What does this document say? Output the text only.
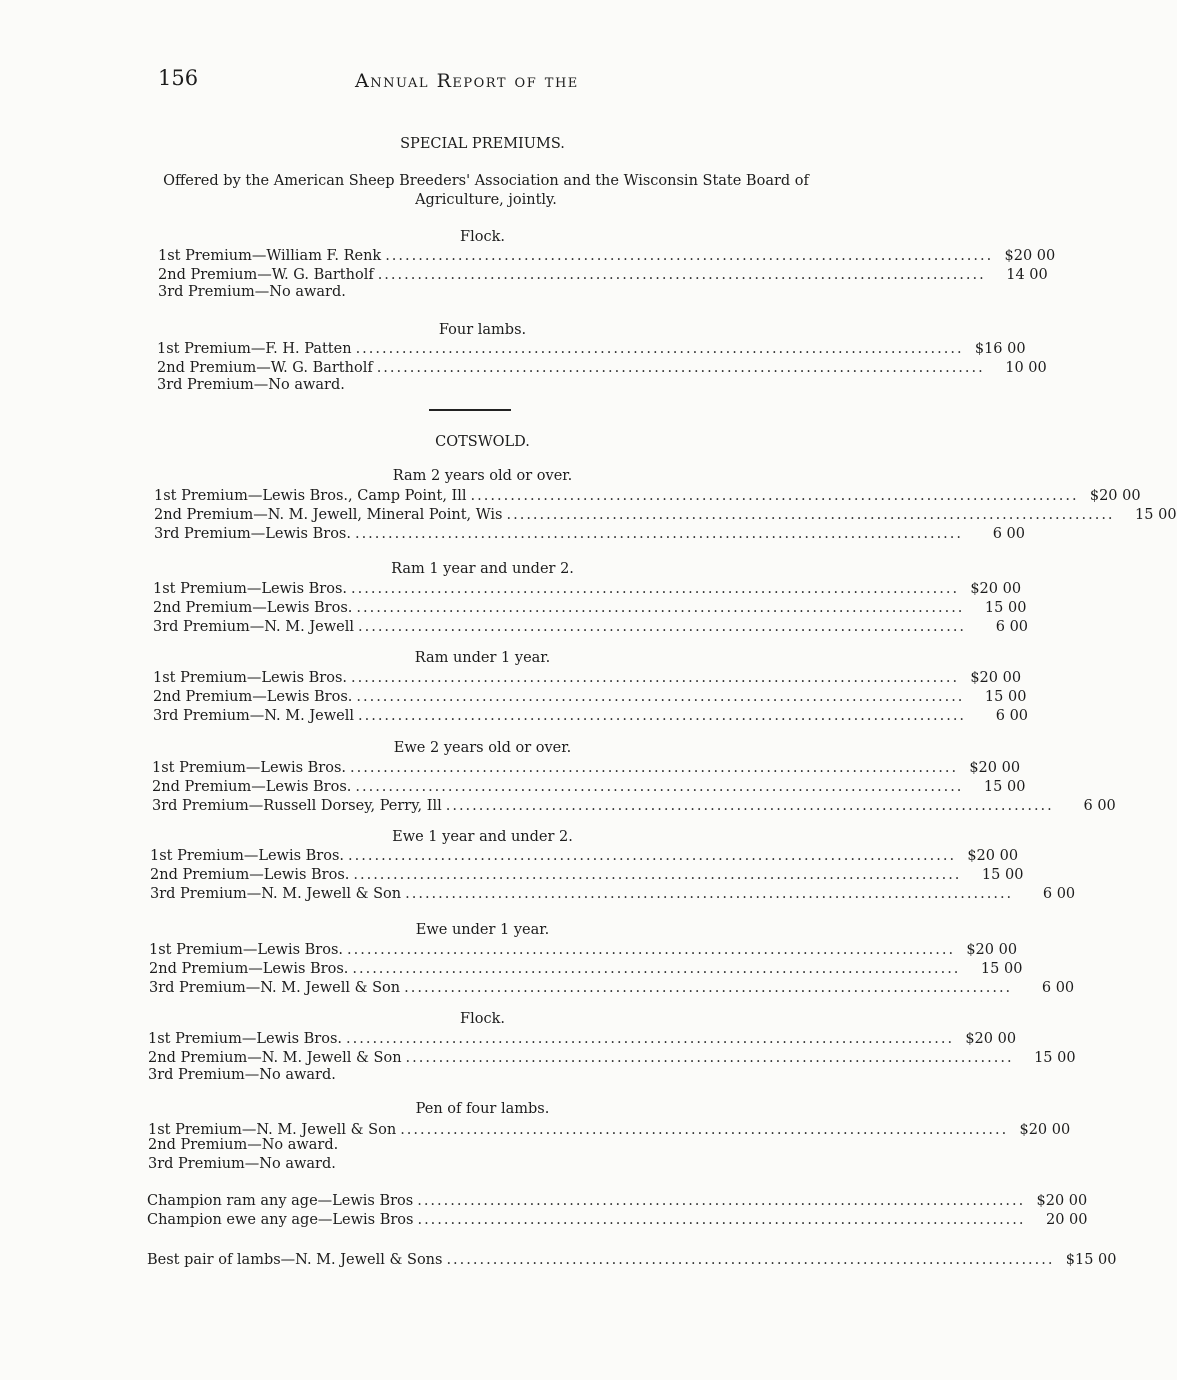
156	Annual Report of the
SPECIAL PREMIUMS.
Offered by the American Sheep Breeders' Association and the Wisconsin State Board of Agriculture, jointly.
Flock.
1st Premium—William F. Renk ............................................................................................ $20 00
2nd Premium—W. G. Bartholf ............................................................................................	14 00
3rd Premium—No award.
Four lambs.
1st Premium—F. H. Patten ............................................................................................ $16 00
2nd Premium—W. G. Bartholf ............................................................................................	10 00
3rd Premium—No award.
COTSWOLD.
Ram 2 years old or over.
1st Premium—Lewis Bros., Camp Point, Ill ............................................................................................ $20 00
2nd Premium—N. M. Jewell, Mineral Point, Wis ............................................................................................	15 00
3rd Premium—Lewis Bros. ............................................................................................	6 00
Ram 1 year and under 2.
1st Premium—Lewis Bros. ............................................................................................ $20 00
2nd Premium—Lewis Bros. ............................................................................................	15 00
3rd Premium—N. M. Jewell ............................................................................................	6 00
Ram under 1 year.
1st Premium—Lewis Bros. ............................................................................................ $20 00
2nd Premium—Lewis Bros. ............................................................................................	15 00
3rd Premium—N. M. Jewell ............................................................................................	6 00
Ewe 2 years old or over.
1st Premium—Lewis Bros. ............................................................................................ $20 00
2nd Premium—Lewis Bros. ............................................................................................	15 00
3rd Premium—Russell Dorsey, Perry, Ill ............................................................................................	6 00
Ewe 1 year and under 2.
1st Premium—Lewis Bros. ............................................................................................ $20 00
2nd Premium—Lewis Bros. ............................................................................................	15 00
3rd Premium—N. M. Jewell & Son ............................................................................................	6 00
Ewe under 1 year.
1st Premium—Lewis Bros. ............................................................................................ $20 00
2nd Premium—Lewis Bros. ............................................................................................	15 00
3rd Premium—N. M. Jewell & Son ............................................................................................	6 00
Flock.
1st Premium—Lewis Bros. ............................................................................................ $20 00
2nd Premium—N. M. Jewell & Son ............................................................................................	15 00
3rd Premium—No award.
Pen of four lambs.
1st Premium—N. M. Jewell & Son ............................................................................................ $20 00
2nd Premium—No award.
3rd Premium—No award.
Champion ram any age—Lewis Bros ............................................................................................ $20 00
Champion ewe any age—Lewis Bros ............................................................................................	20 00
Best pair of lambs—N. M. Jewell & Sons ............................................................................................ $15 00
